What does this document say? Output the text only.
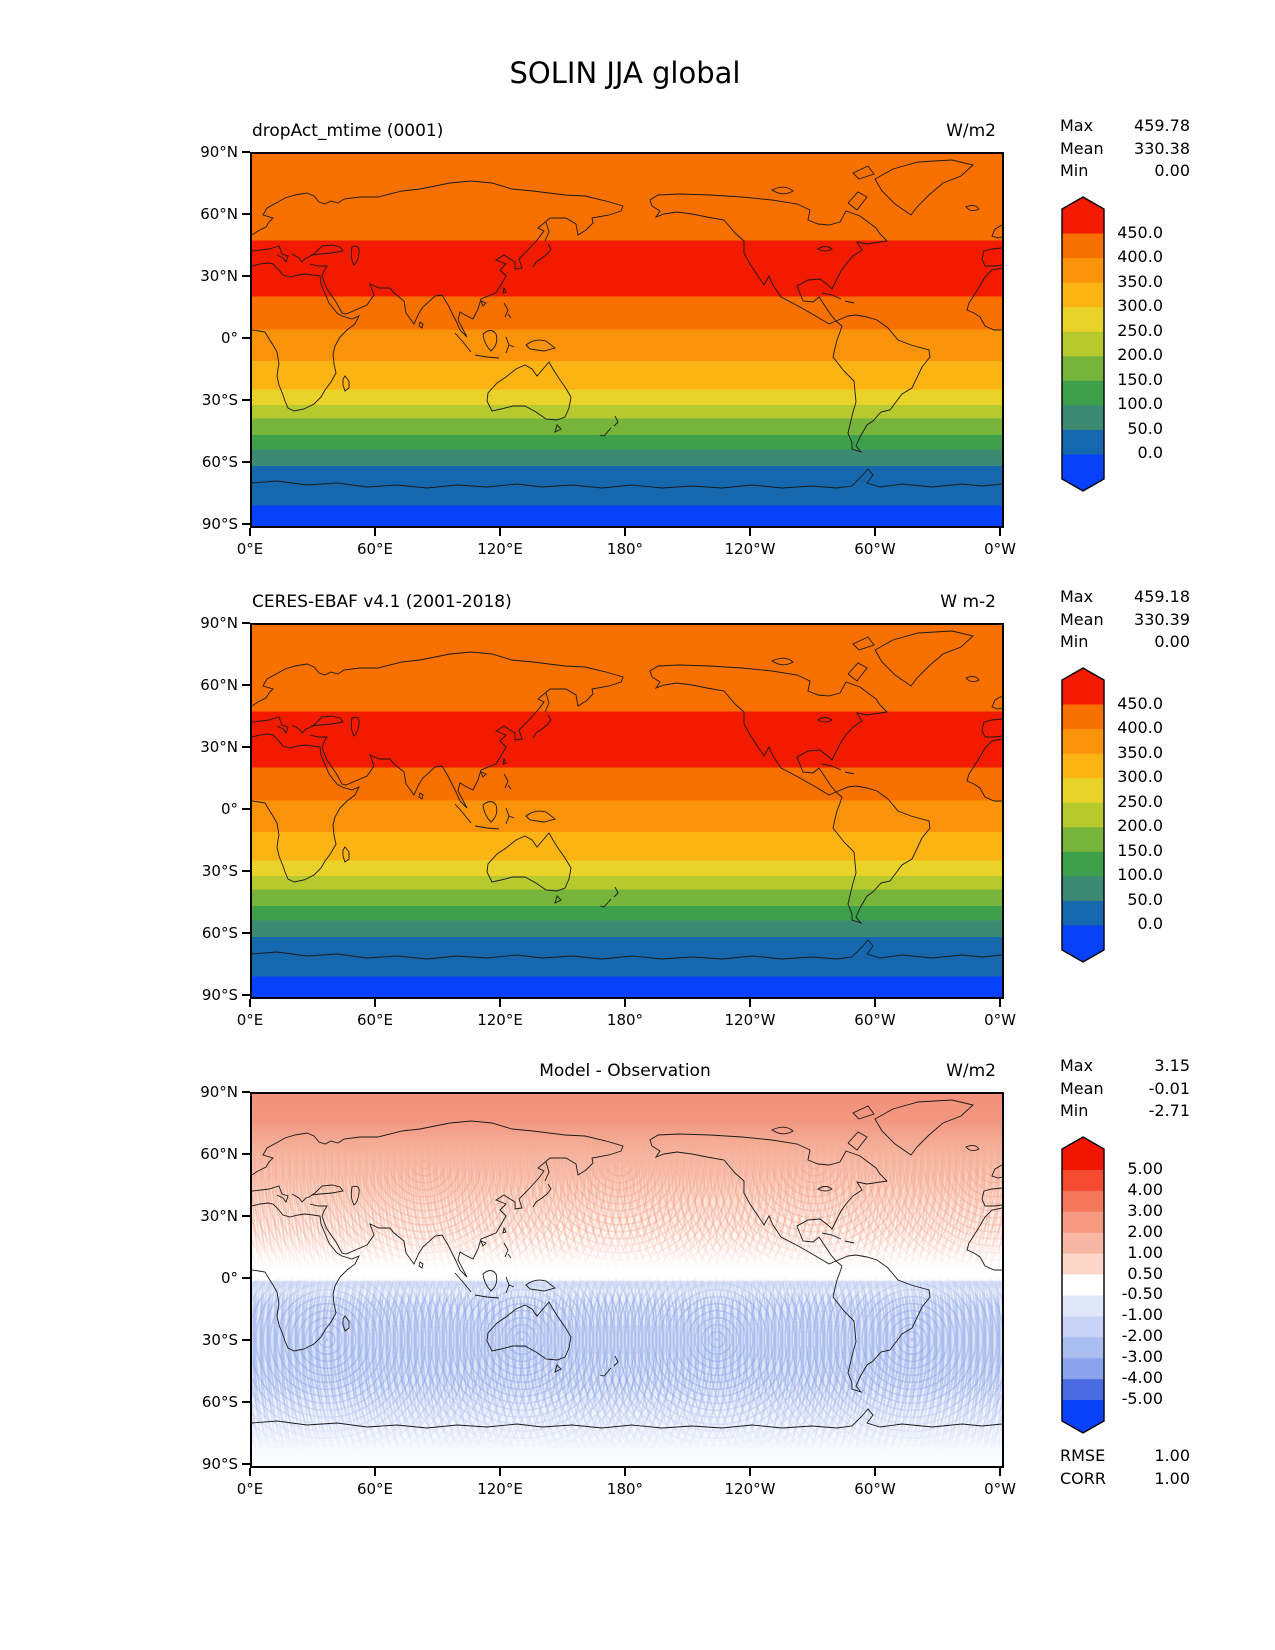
SOLIN JJA global
dropAct_mtime (0001)	W/m2	Max	459.78
Mean 330.38
Min	0.00
90°N
60°N
30°N
0°
30°S
60°S
90°S
0°E	60°E	120°E	180°	120°W	60°W	0°W
450.0
400.0
350.0
300.0
250.0
200.0
150.0
100.0
50.0
0.0
CERES-EBAF v4.1 (2001-2018)	W m-2	Max	459.18
Mean 330.39
Min	0.00
90°N
60°N
30°N
0°
30°S
60°S
90°S
0°E	60°E	120°E	180°	120°W	60°W	0°W
450.0
400.0
350.0
300.0
250.0
200.0
150.0
100.0
50.0
0.0
Model - Observation	W/m2	Max	3.15
Mean	-0.01
Min	-2.71
90°N
60°N
30°N
0°
30°S
60°S
90°S
0°E	60°E	120°E	180°	120°W	60°W	0°W
5.00
4.00
3.00
2.00
1.00
0.50
-0.50
-1.00
-2.00
-3.00
-4.00
-5.00
RMSE	1.00
CORR	1.00
